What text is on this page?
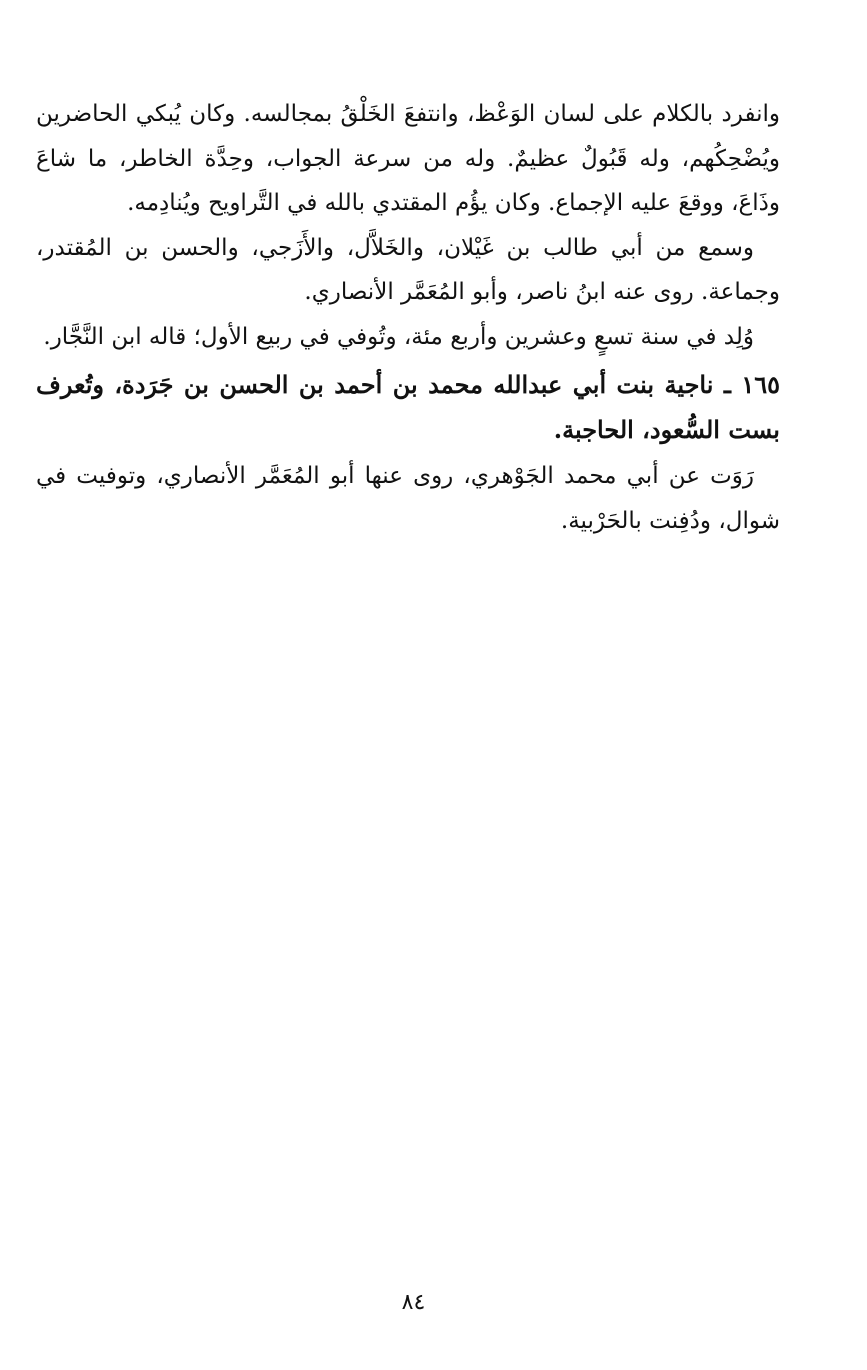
وانفرد بالكلام على لسان الوَعْظ، وانتفعَ الخَلْقُ بمجالسه. وكان يُبكي الحاضرين ويُضْحِكُهم، وله قَبُولٌ عظيمٌ. وله من سرعة الجواب، وحِدَّة الخاطر، ما شاعَ وذَاعَ، ووقعَ عليه الإجماع. وكان يؤُم المقتدي بالله في التَّراويح ويُنادِمه.

وسمع من أبي طالب بن غَيْلان، والخَلاَّل، والأَزَجي، والحسن بن المُقتدر، وجماعة. روى عنه ابنُ ناصر، وأبو المُعَمَّر الأنصاري.

وُلِد في سنة تسعٍ وعشرين وأربع مئة، وتُوفي في ربيع الأول؛ قاله ابن النَّجَّار.

١٦٥ ـ ناجية بنت أبي عبدالله محمد بن أحمد بن الحسن بن جَرَدة، وتُعرف بست السُّعود، الحاجبة.

رَوَت عن أبي محمد الجَوْهري، روى عنها أبو المُعَمَّر الأنصاري، وتوفيت في شوال، ودُفِنت بالحَرْبية.

٨٤
